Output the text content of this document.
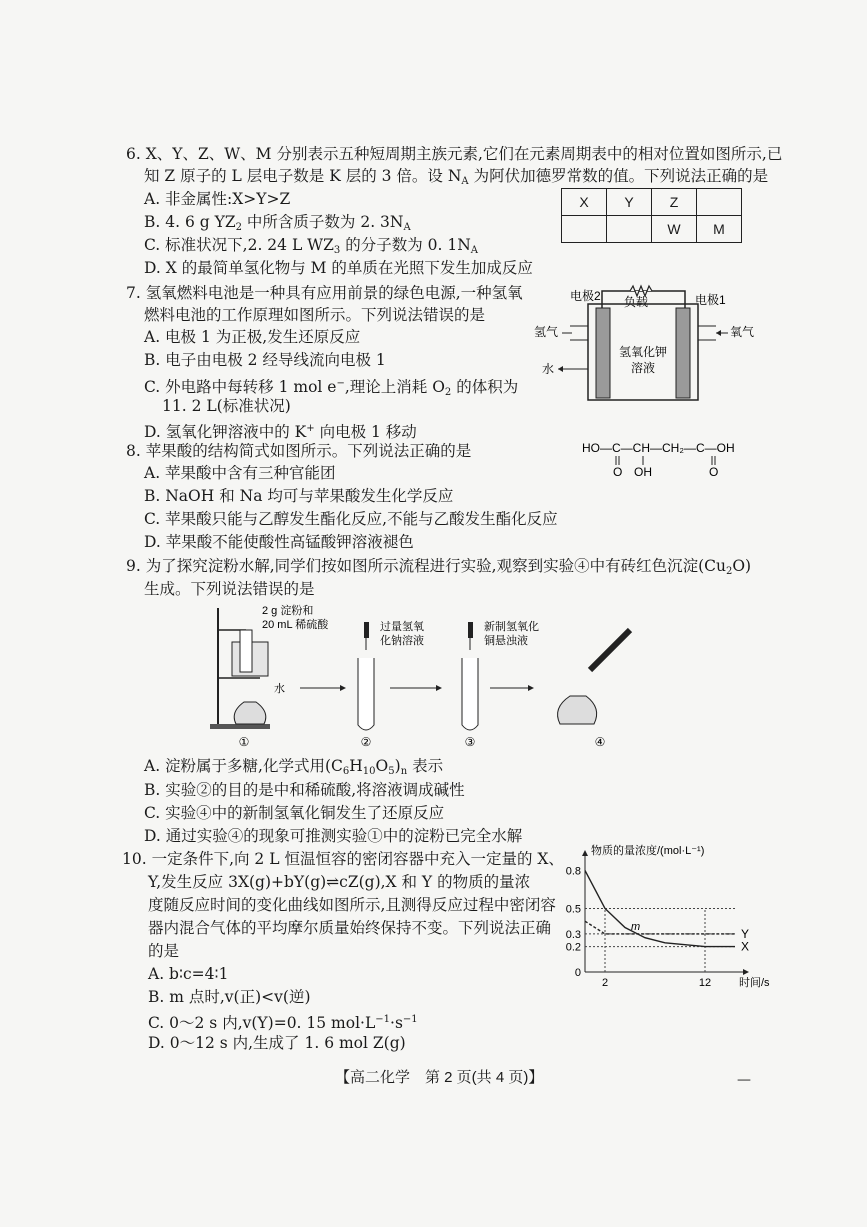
6. X、Y、Z、W、M 分别表示五种短周期主族元素,它们在元素周期表中的相对位置如图所示,已
知 Z 原子的 L 层电子数是 K 层的 3 倍。设 $N_A$ 为阿伏加德罗常数的值。下列说法正确的是
A. 非金属性:X>Y>Z
B. 4. 6 g $YZ_2$ 中所含质子数为 2. $3N_A$
C. 标准状况下,2. 24 L $WZ_3$ 的分子数为 0. $1N_A$
D. X 的最简单氢化物与 M 的单质在光照下发生加成反应
X	Y	Z	
		W	M
7. 氢氧燃料电池是一种具有应用前景的绿色电源,一种氢氧
燃料电池的工作原理如图所示。下列说法错误的是
A. 电极 1 为正极,发生还原反应
B. 电子由电极 2 经导线流向电极 1
C. 外电路中每转移 1 mol e−,理论上消耗 $O_2$ 的体积为
11. 2 L(标准状况)
D. 氢氧化钾溶液中的 K+ 向电极 1 移动
负载
电极2	电极1
氢气	氧气
水
氢氧化钾
溶液
8. 苹果酸的结构简式如图所示。下列说法正确的是
A. 苹果酸中含有三种官能团
B. NaOH 和 Na 均可与苹果酸发生化学反应
C. 苹果酸只能与乙醇发生酯化反应,不能与乙酸发生酯化反应
D. 苹果酸不能使酸性高锰酸钾溶液褪色
HO—C—CH—CH₂—C—OH
O OH	O
9. 为了探究淀粉水解,同学们按如图所示流程进行实验,观察到实验④中有砖红色沉淀$(Cu_2O)$
生成。下列说法错误的是
2 g 淀粉和
20 mL 稀硫酸
水
过量氢氧
化钠溶液
新制氢氧化
铜悬浊液
①	②	③	④
A. 淀粉属于多糖,化学式用$(C_6H_{10}O_5)_n$ 表示
B. 实验②的目的是中和稀硫酸,将溶液调成碱性
C. 实验④中的新制氢氧化铜发生了还原反应
D. 通过实验④的现象可推测实验①中的淀粉已完全水解
10. 一定条件下,向 2 L 恒温恒容的密闭容器中充入一定量的 X、
Y,发生反应 3X(g)+bY(g)⇌cZ(g),X 和 Y 的物质的量浓
度随反应时间的变化曲线如图所示,且测得反应过程中密闭容
器内混合气体的平均摩尔质量始终保持不变。下列说法正确
的是
A. b∶c=4∶1
B. m 点时,v(正)<v(逆)
C. 0～2 s 内,v(Y)=0. 15 $mol\cdot L^{-1}\cdot s^{-1}$
D. 0～12 s 内,生成了 1. 6 mol Z(g)
0.8
0.5
0.3
0.2
0
2	12
X
Y
物质的量浓度/(mol·L⁻¹)
时间/s
m
【高二化学　第 2 页(共 4 页)】	—
